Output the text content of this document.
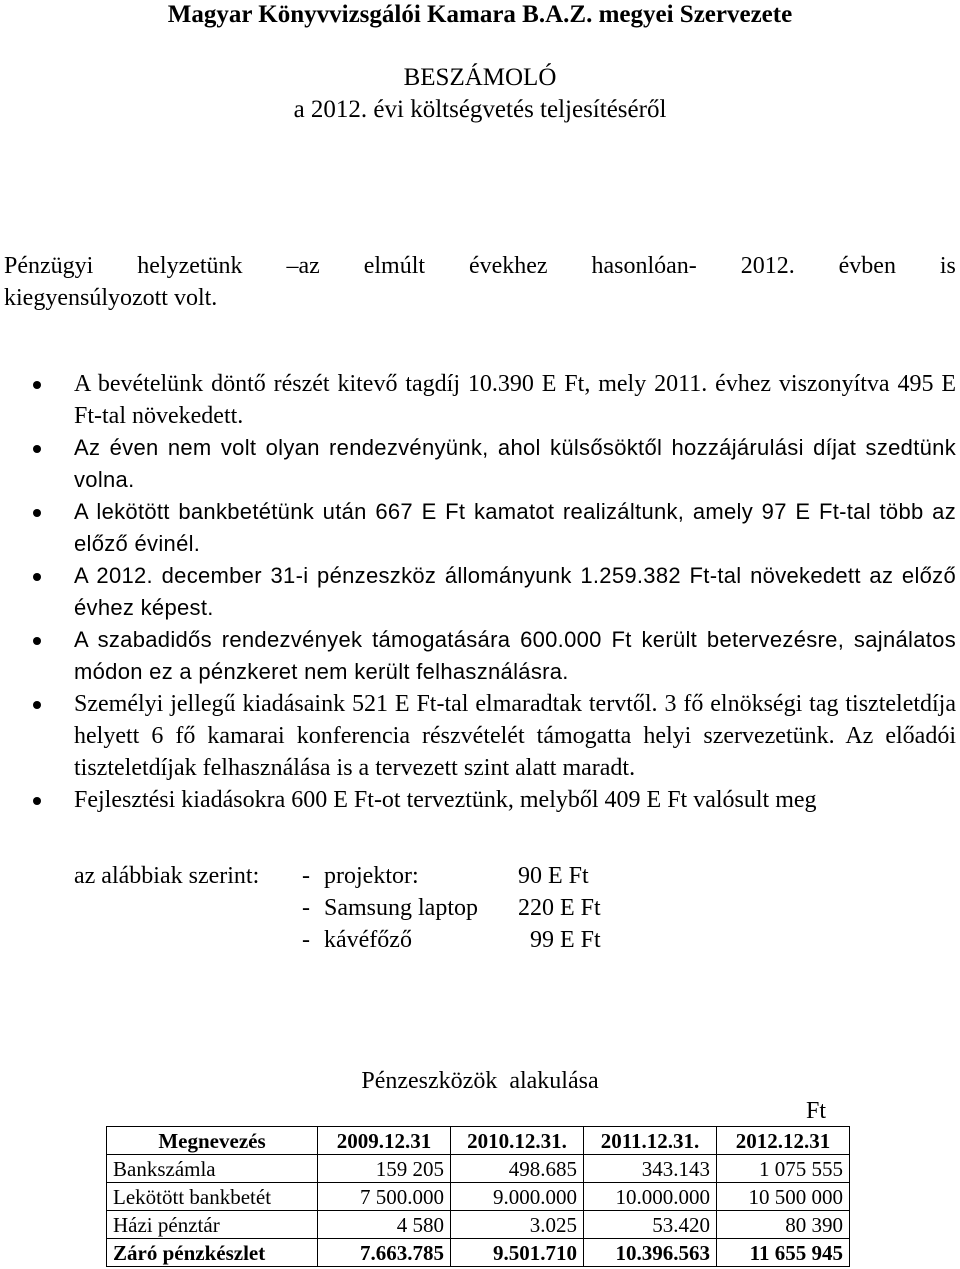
Magyar Könyvvizsgálói Kamara B.A.Z. megyei Szervezete
BESZÁMOLÓ
a 2012. évi költségvetés teljesítéséről
Pénzügyi helyzetünk –az elmúlt évekhez hasonlóan- 2012. évben is
kiegyensúlyozott volt.
A bevételünk döntő részét kitevő tagdíj 10.390 E Ft, mely 2011. évhez viszonyítva 495 E Ft-tal növekedett.
Az éven nem volt olyan rendezvényünk, ahol külsősöktől hozzájárulási díjat szedtünk volna.
A lekötött bankbetétünk után 667 E Ft kamatot realizáltunk, amely 97 E Ft-tal több az előző évinél.
A 2012. december 31-i pénzeszköz állományunk 1.259.382 Ft-tal növekedett az előző évhez képest.
A szabadidős rendezvények támogatására 600.000 Ft került betervezésre, sajnálatos módon ez a pénzkeret nem került felhasználásra.
Személyi jellegű kiadásaink 521 E Ft-tal elmaradtak tervtől. 3 fő elnökségi tag tiszteletdíja helyett 6 fő kamarai konferencia részvételét támogatta helyi szervezetünk. Az előadói tiszteletdíjak felhasználása is a tervezett szint alatt maradt.
Fejlesztési kiadásokra 600 E Ft-ot terveztünk, melyből 409 E Ft valósult meg
az alábbiak szerint:	- projektor:	90 E Ft
- Samsung laptop	220 E Ft
- kávéfőző	99 E Ft
Pénzeszközök  alakulása
Ft
Megnevezés	2009.12.31	2010.12.31.	2011.12.31.	2012.12.31
Bankszámla	159 205	498.685	343.143	1 075 555
Lekötött bankbetét	7 500.000	9.000.000	10.000.000	10 500 000
Házi pénztár	4 580	3.025	53.420	80 390
Záró pénzkészlet	7.663.785	9.501.710	10.396.563	11 655 945
